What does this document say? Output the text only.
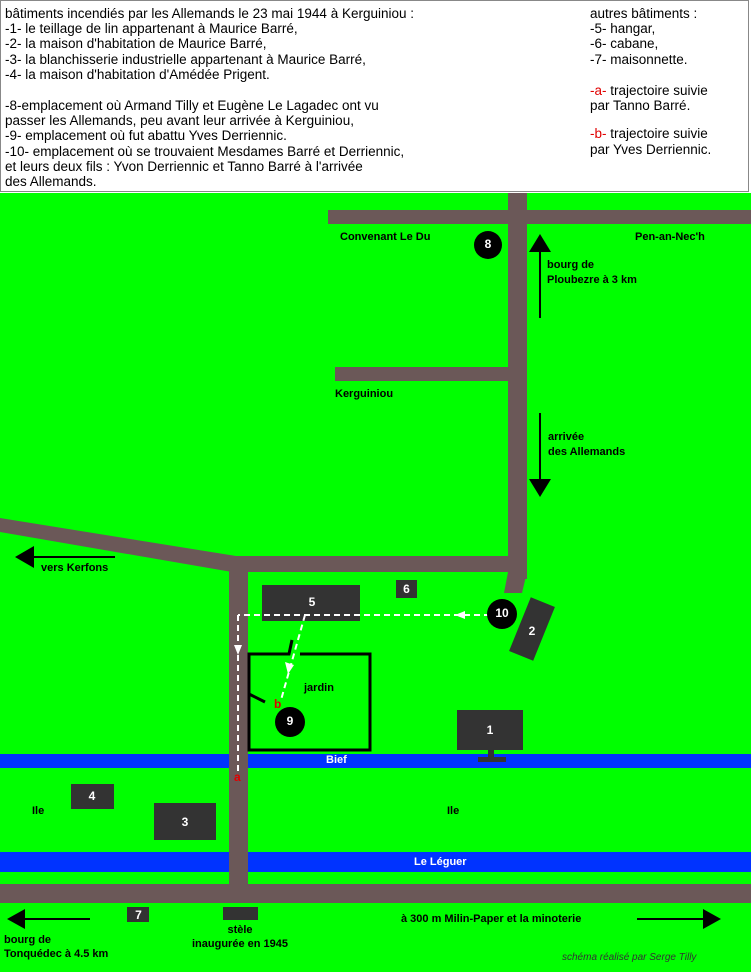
bâtiments incendiés par les Allemands le 23 mai 1944 à Kerguiniou :
-1- le teillage de lin appartenant à Maurice Barré,
-2- la maison d'habitation de Maurice Barré,
-3- la blanchisserie industrielle appartenant à Maurice Barré,
-4- la maison d'habitation d'Amédée Prigent.
-8-emplacement où Armand Tilly et Eugène Le Lagadec ont vu
passer les Allemands, peu avant leur arrivée à Kerguiniou,
-9- emplacement où fut abattu Yves Derriennic.
-10- emplacement où se trouvaient Mesdames Barré et Derriennic,
et leurs deux fils : Yvon Derriennic et Tanno Barré à l'arrivée
des Allemands.
autres bâtiments :
-5- hangar,
-6- cabane,
-7- maisonnette.
-a- trajectoire suivie
par Tanno Barré.
-b- trajectoire suivie
par Yves Derriennic.
5
6
2
1
4
3
7
8
9
10
a
b
Convenant Le Du	Pen-an-Nec'h
bourg de
Ploubezre à 3 km
Kerguiniou
arrivée
des Allemands
vers Kerfons
jardin
Ile	Ile
Bief
Le Léguer
bourg de
Tonquédec à 4.5 km
stèle
inaugurée en 1945
à 300 m Milin-Paper et la minoterie
schéma réalisé par Serge Tilly
